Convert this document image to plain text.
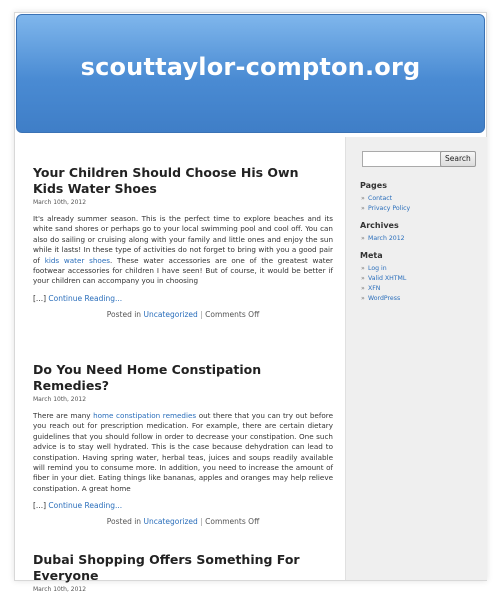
scouttaylor-compton.org
Your Children Should Choose His Own Kids Water Shoes
March 10th, 2012
It's already summer season. This is the perfect time to explore beaches and its white sand shores or perhaps go to your local swimming pool and cool off. You can also do sailing or cruising along with your family and little ones and enjoy the sun while it lasts! In these type of activities do not forget to bring with you a good pair of kids water shoes. These water accessories are one of the greatest water footwear accessories for children I have seen! But of course, it would be better if your children can accompany you in choosing
[...] Continue Reading...
Posted in Uncategorized | Comments Off
Do You Need Home Constipation Remedies?
March 10th, 2012
There are many home constipation remedies out there that you can try out before you reach out for prescription medication. For example, there are certain dietary guidelines that you should follow in order to decrease your constipation. One such advice is to stay well hydrated. This is the case because dehydration can lead to constipation. Having spring water, herbal teas, juices and soups readily available will remind you to consume more. In addition, you need to increase the amount of fiber in your diet. Eating things like bananas, apples and oranges may help relieve constipation. A great home
[...] Continue Reading...
Posted in Uncategorized | Comments Off
Dubai Shopping Offers Something For Everyone
March 10th, 2012
Search
Pages
» Contact
» Privacy Policy
Archives
» March 2012
Meta
» Log in
» Valid XHTML
» XFN
» WordPress
